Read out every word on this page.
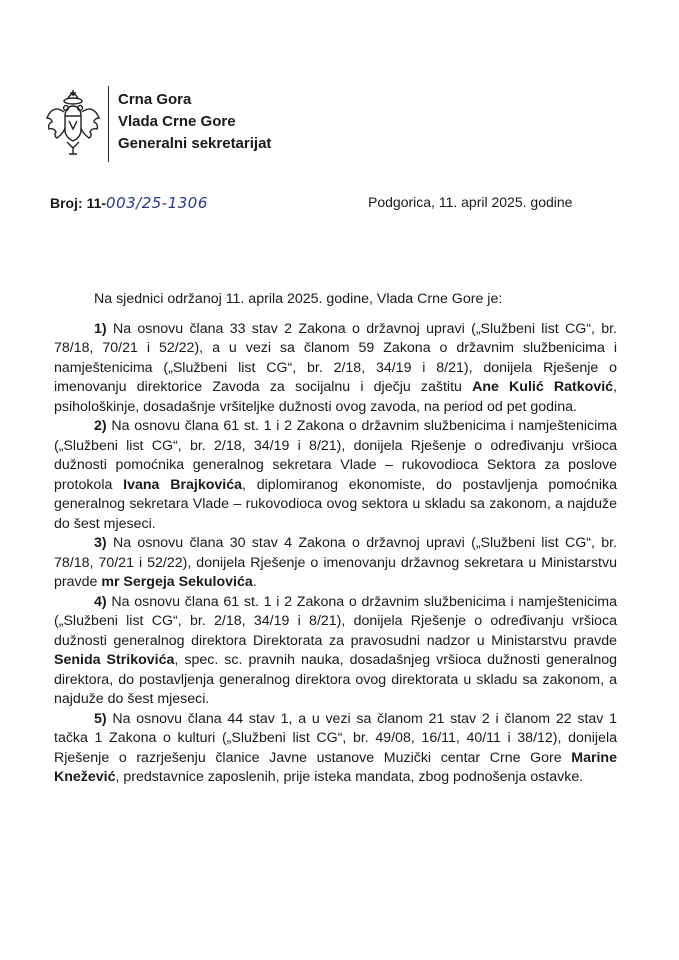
Crna Gora
Vlada Crne Gore
Generalni sekretarijat
Broj: 11-003/25-1306	Podgorica, 11. april 2025. godine

Na sjednici održanoj 11. aprila 2025. godine, Vlada Crne Gore je:

1) Na osnovu člana 33 stav 2 Zakona o državnoj upravi („Službeni list CG“, br. 78/18, 70/21 i 52/22), a u vezi sa članom 59 Zakona o državnim službenicima i namještenicima („Službeni list CG“, br. 2/18, 34/19 i 8/21), donijela Rješenje o imenovanju direktorice Zavoda za socijalnu i dječju zaštitu Ane Kulić Ratković, psihološkinje, dosadašnje vršiteljke dužnosti ovog zavoda, na period od pet godina.

2) Na osnovu člana 61 st. 1 i 2 Zakona o državnim službenicima i namještenicima („Službeni list CG“, br. 2/18, 34/19 i 8/21), donijela Rješenje o određivanju vršioca dužnosti pomoćnika generalnog sekretara Vlade – rukovodioca Sektora za poslove protokola Ivana Brajkovića, diplomiranog ekonomiste, do postavljenja pomoćnika generalnog sekretara Vlade – rukovodioca ovog sektora u skladu sa zakonom, a najduže do šest mjeseci.

3) Na osnovu člana 30 stav 4 Zakona o državnoj upravi („Službeni list CG“, br. 78/18, 70/21 i 52/22), donijela Rješenje o imenovanju državnog sekretara u Ministarstvu pravde mr Sergeja Sekulovića.

4) Na osnovu člana 61 st. 1 i 2 Zakona o državnim službenicima i namještenicima („Službeni list CG“, br. 2/18, 34/19 i 8/21), donijela Rješenje o određivanju vršioca dužnosti generalnog direktora Direktorata za pravosudni nadzor u Ministarstvu pravde Senida Strikovića, spec. sc. pravnih nauka, dosadašnjeg vršioca dužnosti generalnog direktora, do postavljenja generalnog direktora ovog direktorata u skladu sa zakonom, a najduže do šest mjeseci.

5) Na osnovu člana 44 stav 1, a u vezi sa članom 21 stav 2 i članom 22 stav 1 tačka 1 Zakona o kulturi („Službeni list CG“, br. 49/08, 16/11, 40/11 i 38/12), donijela Rješenje o razrješenju članice Javne ustanove Muzički centar Crne Gore Marine Knežević, predstavnice zaposlenih, prije isteka mandata, zbog podnošenja ostavke.
